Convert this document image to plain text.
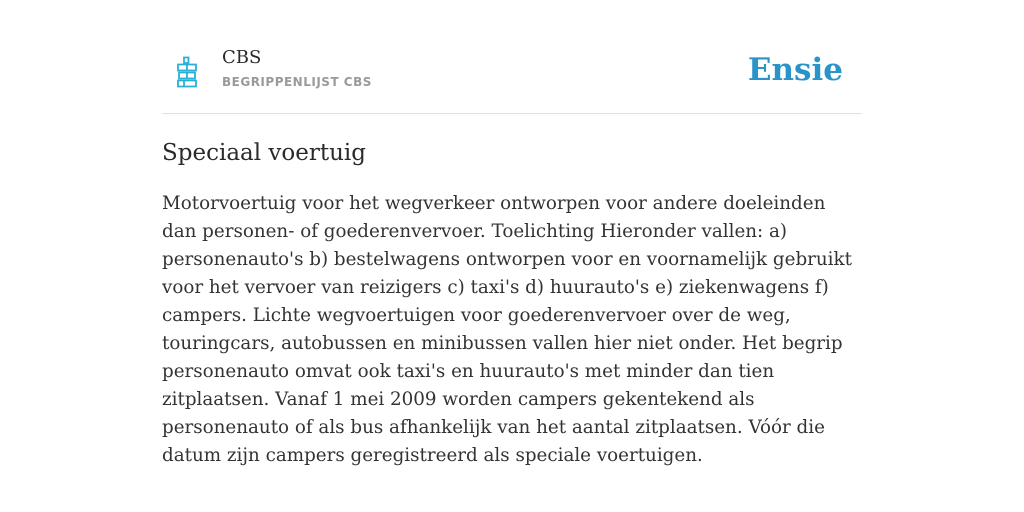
CBS
BEGRIPPENLIJST CBS	Ensie
Speciaal voertuig

Motorvoertuig voor het wegverkeer ontworpen voor andere doeleinden dan personen- of goederenvervoer. Toelichting Hieronder vallen: a) personenauto's b) bestelwagens ontworpen voor en voornamelijk gebruikt voor het vervoer van reizigers c) taxi's d) huurauto's e) ziekenwagens f) campers. Lichte wegvoertuigen voor goederenvervoer over de weg, touringcars, autobussen en minibussen vallen hier niet onder. Het begrip personenauto omvat ook taxi's en huurauto's met minder dan tien zitplaatsen. Vanaf 1 mei 2009 worden campers gekentekend als personenauto of als bus afhankelijk van het aantal zitplaatsen. Vóór die datum zijn campers geregistreerd als speciale voertuigen.
